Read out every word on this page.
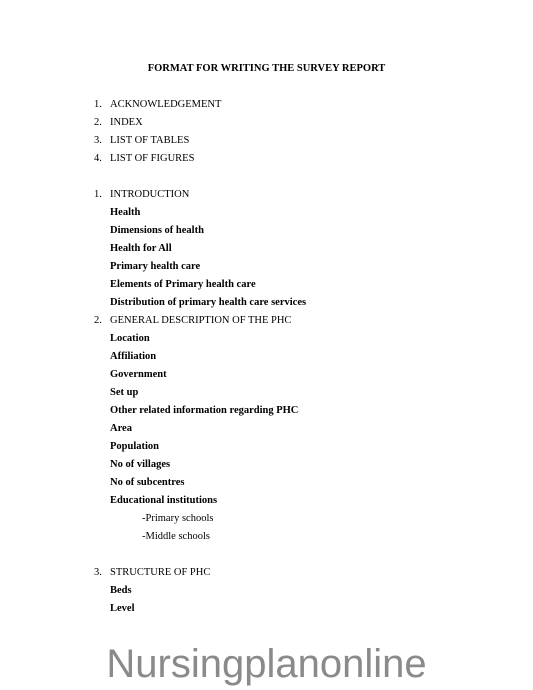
FORMAT FOR WRITING THE SURVEY REPORT
1. ACKNOWLEDGEMENT
2. INDEX
3. LIST OF TABLES
4. LIST OF FIGURES
1. INTRODUCTION
Health
Dimensions of health
Health for All
Primary health care
Elements of Primary health care
Distribution of primary health care services
2. GENERAL DESCRIPTION OF THE PHC
Location
Affiliation
Government
Set up
Other related information regarding PHC
Area
Population
No of villages
No of subcentres
Educational institutions
-Primary schools
-Middle schools
3. STRUCTURE OF PHC
Beds
Level
Nursingplanonline
